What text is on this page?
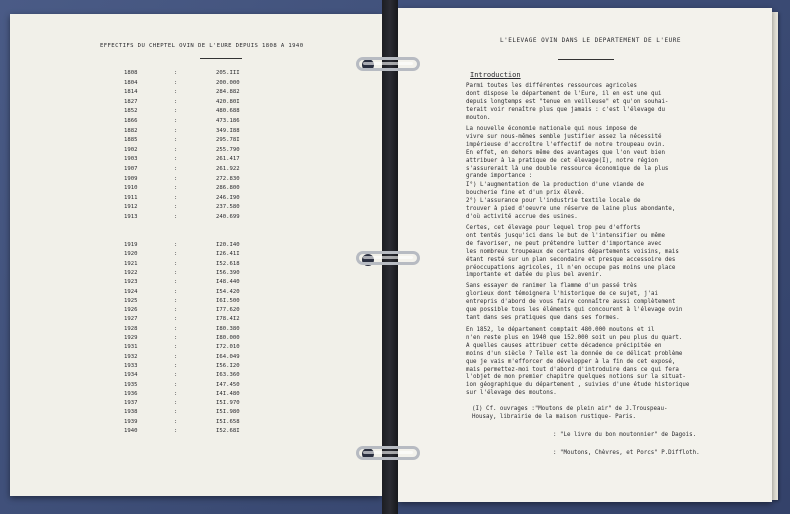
EFFECTIFS DU CHEPTEL OVIN DE L'EURE DEPUIS 1808 A 1940
1808	:	205.III
1804	:	200.000
1814	:	284.882
1827	:	420.80I
1852	:	480.688
1866	:	473.186
1882	:	349.I88
1885	:	295.78I
1902	:	255.790
1903	:	261.417
1907	:	261.922
1909	:	272.830
1910	:	286.800
1911	:	246.I90
1912	:	237.580
1913	:	240.699
1919	:	I20.I40
1920	:	I26.41I
1921	:	I52.618
1922	:	I56.390
1923	:	I48.440
1924	:	I54.420
1925	:	I6I.500
1926	:	I77.620
1927	:	I78.4I2
1928	:	I80.380
1929	:	I80.000
1931	:	I72.010
1932	:	I64.049
1933	:	I56.I20
1934	:	I63.360
1935	:	I47.450
1936	:	I4I.480
1937	:	I5I.970
1938	:	I5I.980
1939	:	I5I.658
1940	:	I52.68I
L'ELEVAGE OVIN DANS LE DEPARTEMENT DE L'EURE
Introduction
Parmi toutes les différentes ressources agricoles
dont dispose le département de l'Eure, il en est une qui
depuis longtemps est "tenue en veilleuse" et qu'on souhai-
terait voir renaître plus que jamais : c'est l'élevage du
mouton.
La nouvelle économie nationale qui nous impose de
vivre sur nous-mêmes semble justifier assez la nécessité
impérieuse d'accroître l'effectif de notre troupeau ovin.
En effet, en dehors même des avantages que l'on veut bien
attribuer à la pratique de cet élevage(I), notre région
s'assurerait là une double ressource économique de la plus
grande importance :
I°) L'augmentation de la production d'une viande de
boucherie fine et d'un prix élevé.
2°) L'assurance pour l'industrie textile locale de
trouver à pied d'oeuvre une réserve de laine plus abondante,
d'où activité accrue des usines.
Certes, cet élevage pour lequel trop peu d'efforts
ont tentés jusqu'ici dans le but de l'intensifier ou même
de favoriser, ne peut prétendre lutter d'importance avec
les nombreux troupeaux de certains départements voisins, mais
étant resté sur un plan secondaire et presque accessoire des
préoccupations agricoles, il n'en occupe pas moins une place
importante et datée du plus bel avenir.
Sans essayer de ranimer la flamme d'un passé très
glorieux dont témoignera l'historique de ce sujet, j'ai
entrepris d'abord de vous faire connaître aussi complètement
que possible tous les éléments qui concourent à l'élevage ovin
tant dans ses pratiques que dans ses formes.
En 1852, le département comptait 480.000 moutons et il
n'en reste plus en 1940 que 152.000 soit un peu plus du quart.
A quelles causes attribuer cette décadence précipitée en
moins d'un siècle ? Telle est la donnée de ce délicat problème
que je vais m'efforcer de développer à la fin de cet exposé,
mais permettez-moi tout d'abord d'introduire dans ce qui fera
l'objet de mon premier chapitre quelques notions sur la situat-
ion géographique du département , suivies d'une étude historique
sur l'élevage des moutons.
(I) Cf. ouvrages :"Moutons de plein air" de J.Trouspeau-
Housay, librairie de la maison rustique- Paris.
: "Le livre du bon moutonnier" de Dagois.
: "Moutons, Chèvres, et Porcs" P.Diffloth.
